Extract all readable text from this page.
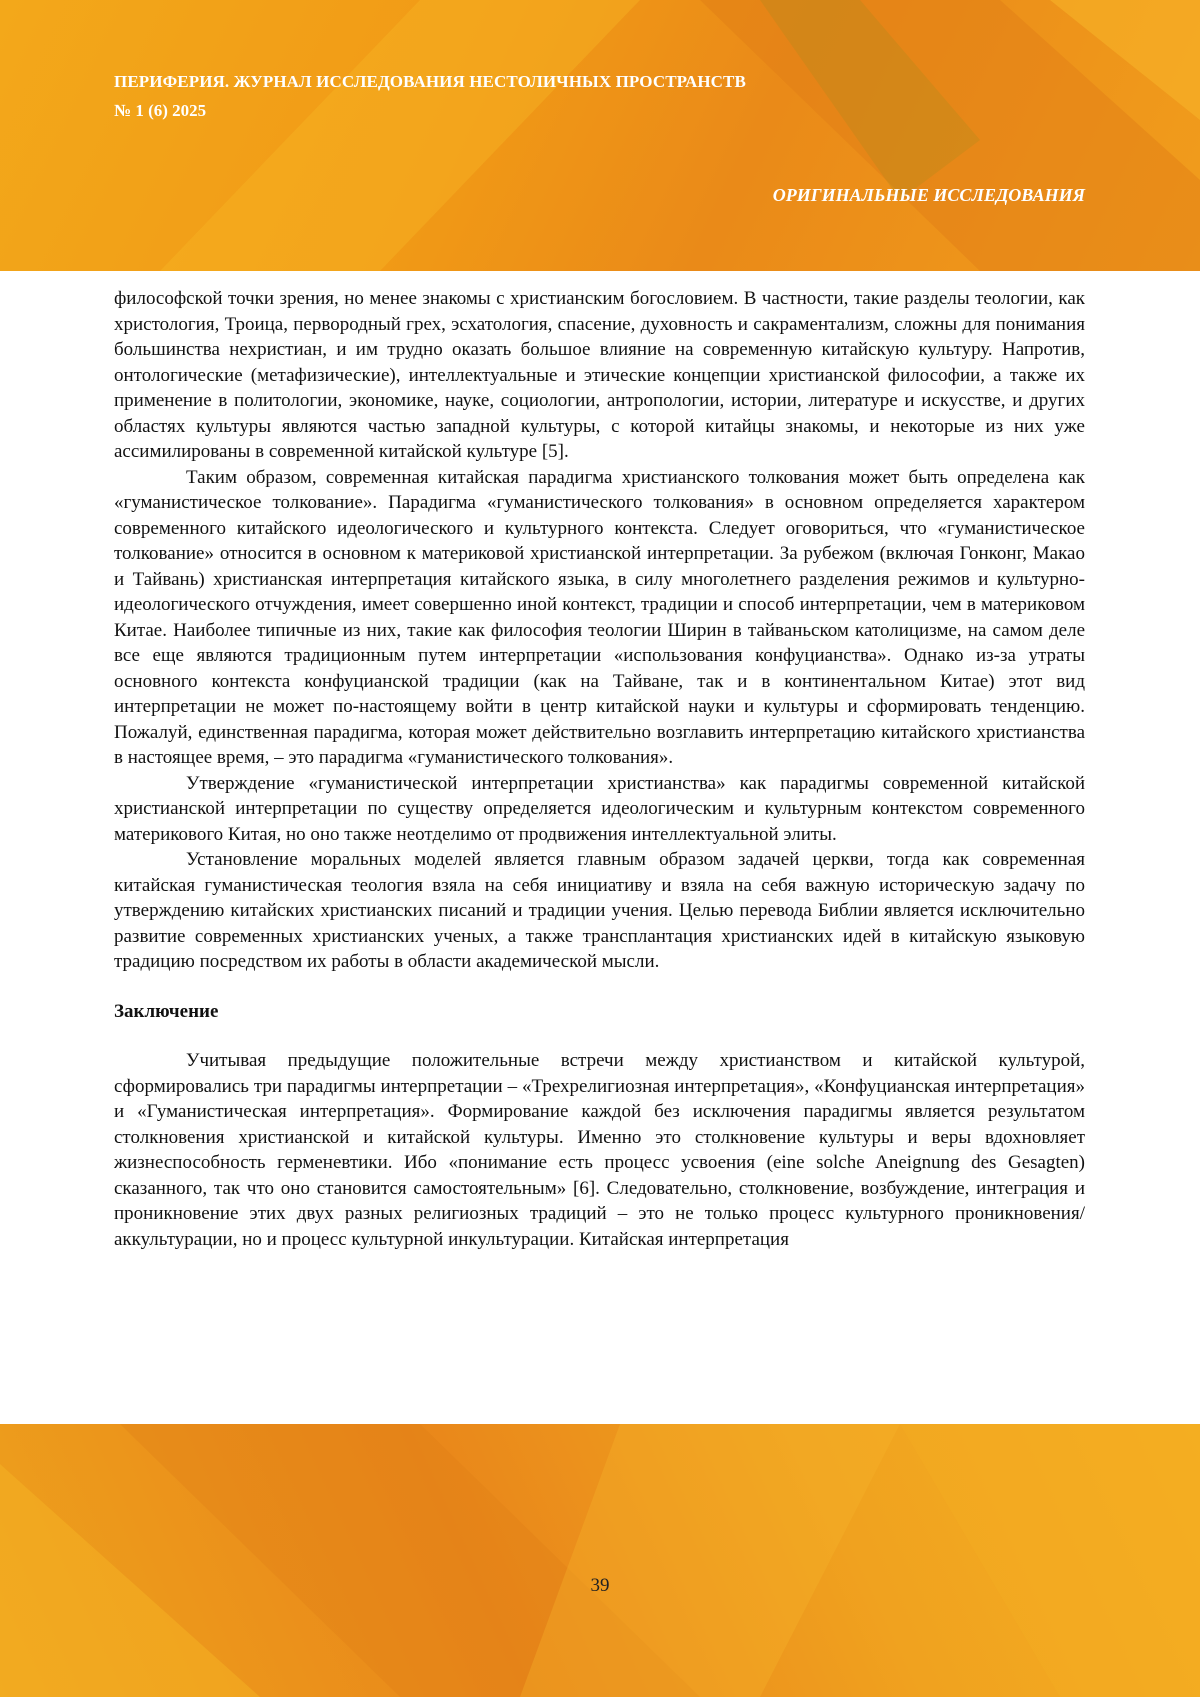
ПЕРИФЕРИЯ. ЖУРНАЛ ИССЛЕДОВАНИЯ НЕСТОЛИЧНЫХ ПРОСТРАНСТВ

№ 1 (6) 2025

ОРИГИНАЛЬНЫЕ ИССЛЕДОВАНИЯ

философской точки зрения, но менее знакомы с христианским богословием. В частности, такие разделы теологии, как христология, Троица, первородный грех, эсхатология, спасение, духовность и сакраментализм, сложны для понимания большинства нехристиан, и им трудно оказать большое влияние на современную китайскую культуру. Напротив, онтологические (метафизические), интеллектуальные и этические концепции христианской философии, а также их применение в политологии, экономике, науке, социологии, антропологии, истории, литературе и искусстве, и других областях культуры являются частью западной культуры, с которой китайцы знакомы, и некоторые из них уже ассимилированы в современной китайской культуре [5].

Таким образом, современная китайская парадигма христианского толкования может быть определена как «гуманистическое толкование». Парадигма «гуманистического толкования» в основном определяется характером современного китайского идеологического и культурного контекста. Следует оговориться, что «гуманистическое толкование» относится в основном к материковой христианской интерпретации. За рубежом (включая Гонконг, Макао и Тайвань) христианская интерпретация китайского языка, в силу многолетнего разделения режимов и культурно-идеологического отчуждения, имеет совершенно иной контекст, традиции и способ интерпретации, чем в материковом Китае. Наиболее типичные из них, такие как философия теологии Ширин в тайваньском католицизме, на самом деле все еще являются традиционным путем интерпретации «использования конфуцианства». Однако из-за утраты основного контекста конфуцианской традиции (как на Тайване, так и в континентальном Китае) этот вид интерпретации не может по-настоящему войти в центр китайской науки и культуры и сформировать тенденцию. Пожалуй, единственная парадигма, которая может действительно возглавить интерпретацию китайского христианства в настоящее время, – это парадигма «гуманистического толкования».

Утверждение «гуманистической интерпретации христианства» как парадигмы современной китайской христианской интерпретации по существу определяется идеологическим и культурным контекстом современного материкового Китая, но оно также неотделимо от продвижения интеллектуальной элиты.

Установление моральных моделей является главным образом задачей церкви, тогда как современная китайская гуманистическая теология взяла на себя инициативу и взяла на себя важную историческую задачу по утверждению китайских христианских писаний и традиции учения. Целью перевода Библии является исключительно развитие современных христианских ученых, а также трансплантация христианских идей в китайскую языковую традицию посредством их работы в области академической мысли.

Заключение

Учитывая предыдущие положительные встречи между христианством и китайской культурой, сформировались три парадигмы интерпретации – «Трехрелигиозная интерпретация», «Конфуцианская интерпретация» и «Гуманистическая интерпретация». Формирование каждой без исключения парадигмы является результатом столкновения христианской и китайской культуры. Именно это столкновение культуры и веры вдохновляет жизнеспособность герменевтики. Ибо «понимание есть процесс усвоения (eine solche Aneignung des Gesagten) сказанного, так что оно становится самостоятельным» [6]. Следовательно, столкновение, возбуждение, интеграция и проникновение этих двух разных религиозных традиций – это не только процесс культурного проникновения/аккультурации, но и процесс культурной инкультурации. Китайская интерпретация

39
